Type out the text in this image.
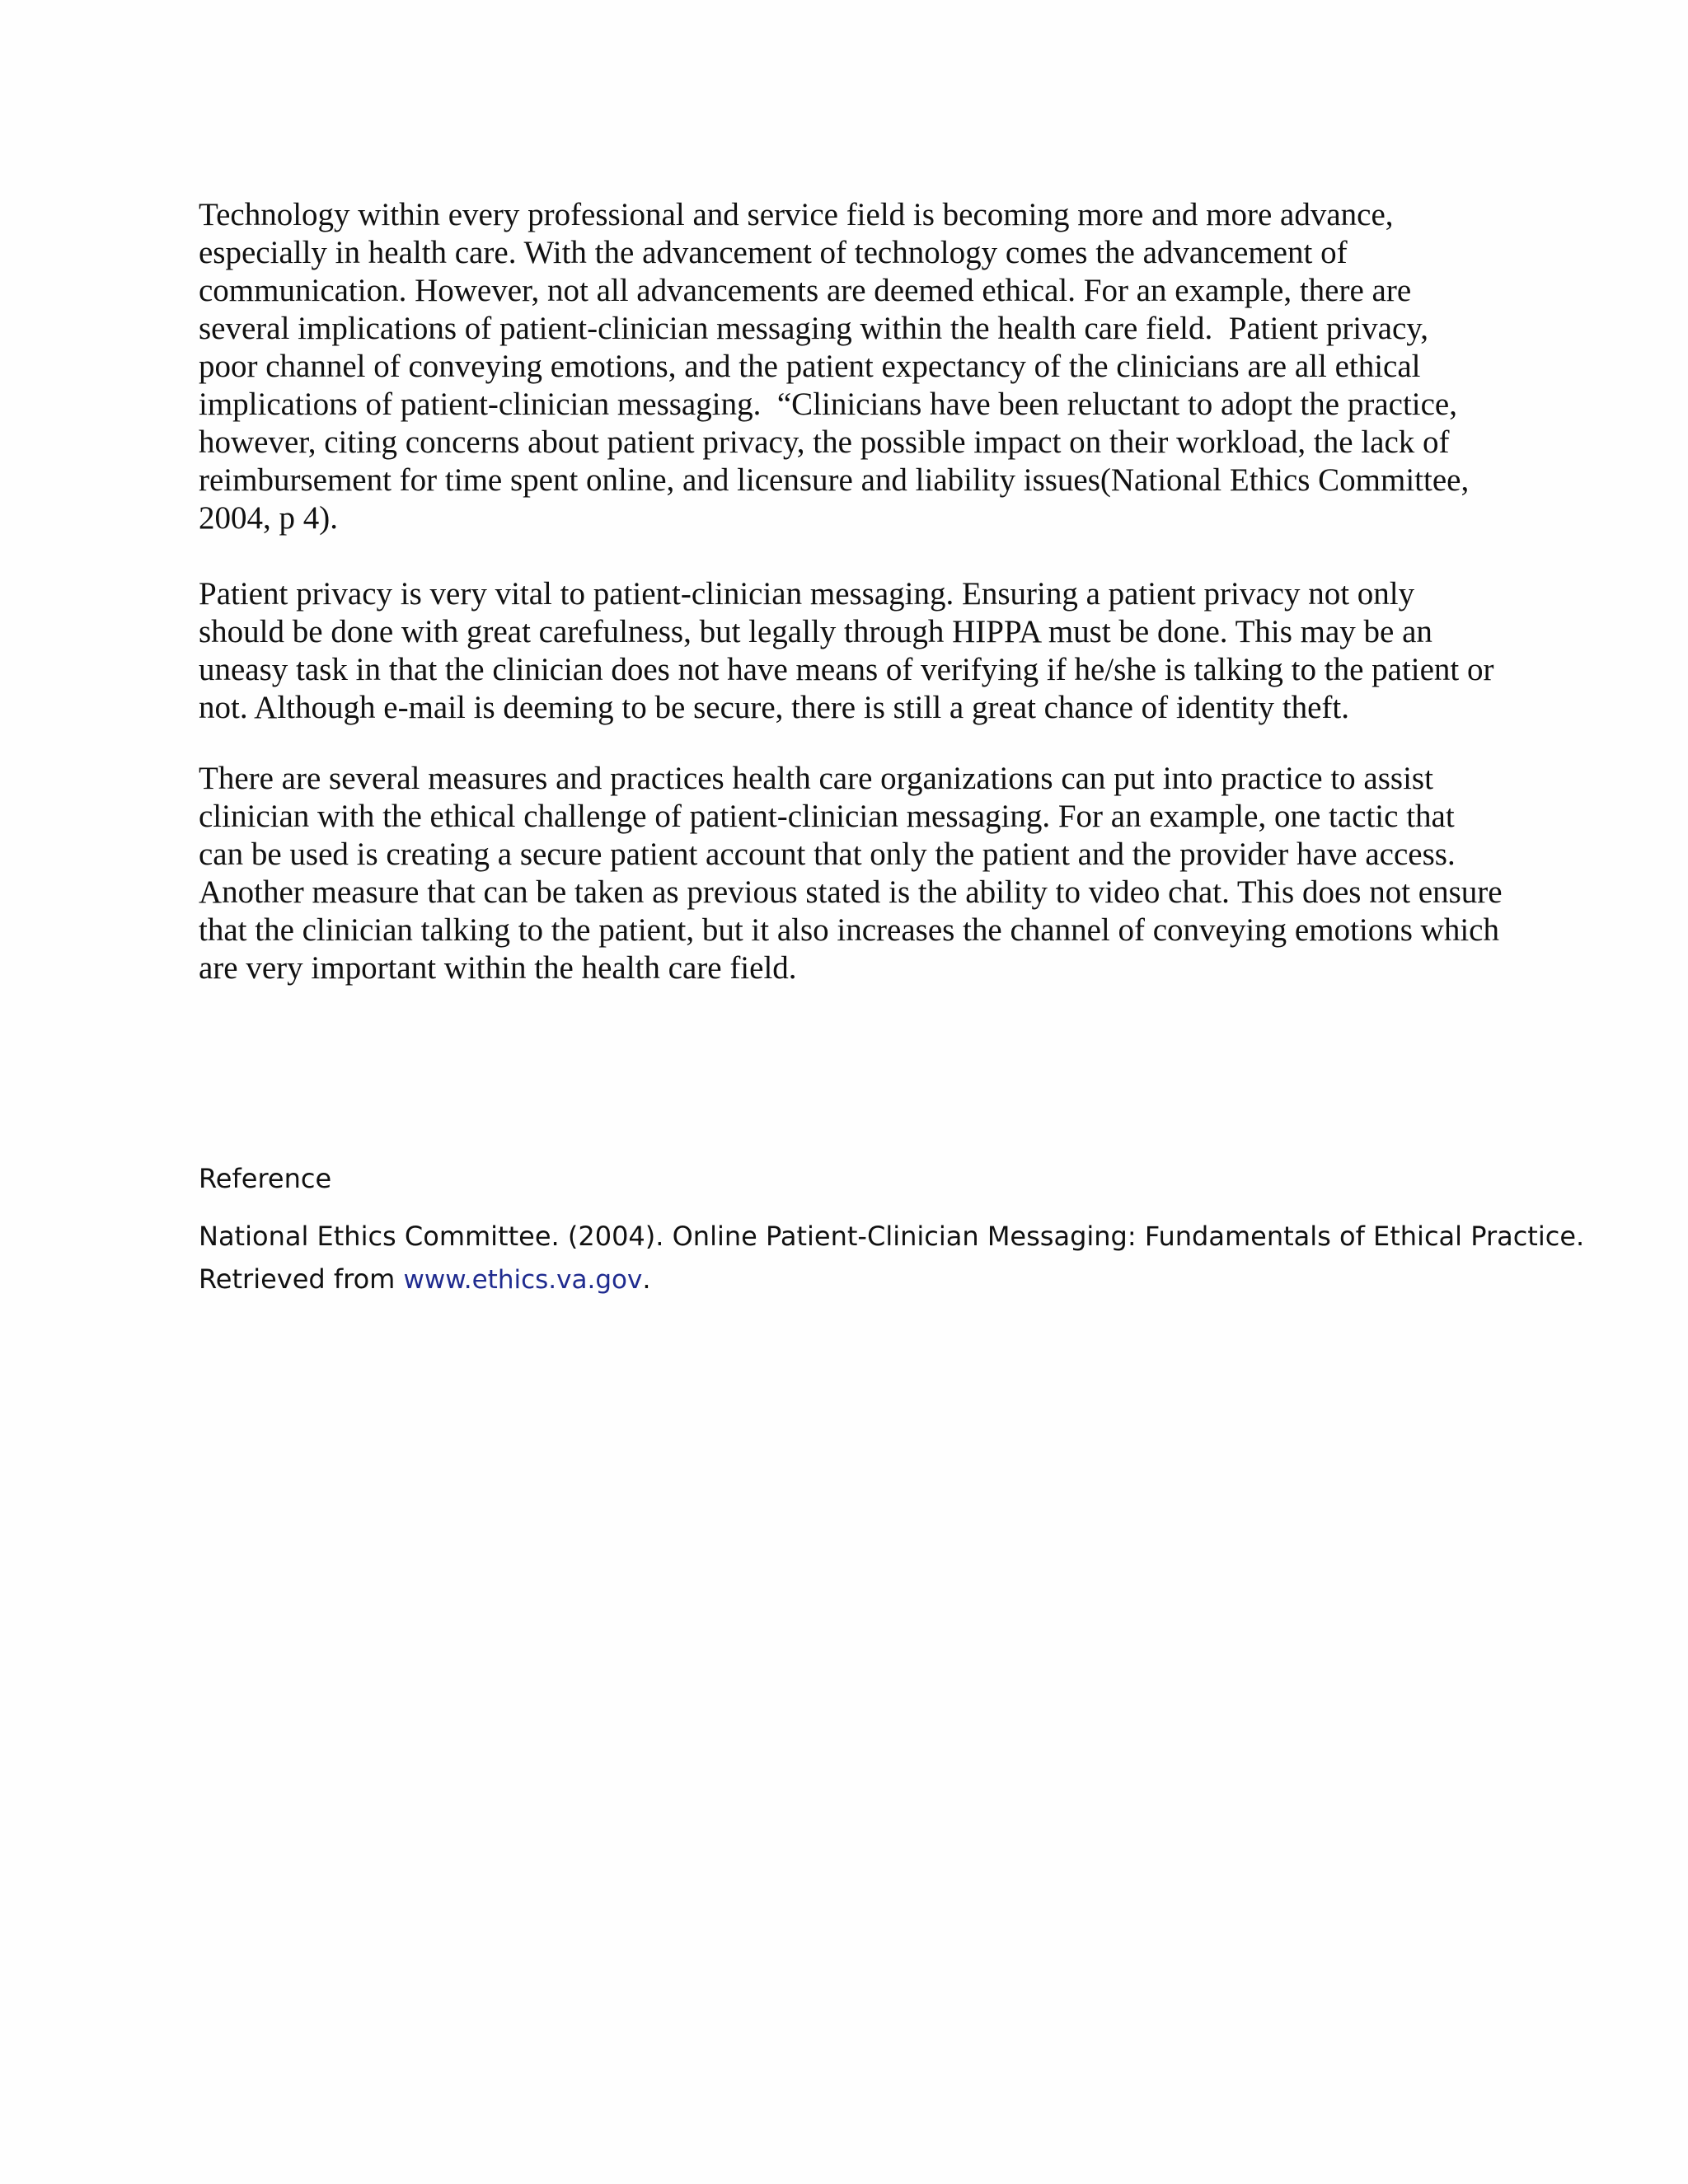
Technology within every professional and service field is becoming more and more advance,
especially in health care. With the advancement of technology comes the advancement of
communication. However, not all advancements are deemed ethical. For an example, there are
several implications of patient-clinician messaging within the health care field.  Patient privacy,
poor channel of conveying emotions, and the patient expectancy of the clinicians are all ethical
implications of patient-clinician messaging.  “Clinicians have been reluctant to adopt the practice,
however, citing concerns about patient privacy, the possible impact on their workload, the lack of
reimbursement for time spent online, and licensure and liability issues(National Ethics Committee,
2004, p 4).

Patient privacy is very vital to patient-clinician messaging. Ensuring a patient privacy not only
should be done with great carefulness, but legally through HIPPA must be done. This may be an
uneasy task in that the clinician does not have means of verifying if he/she is talking to the patient or
not. Although e-mail is deeming to be secure, there is still a great chance of identity theft.

There are several measures and practices health care organizations can put into practice to assist
clinician with the ethical challenge of patient-clinician messaging. For an example, one tactic that
can be used is creating a secure patient account that only the patient and the provider have access.
Another measure that can be taken as previous stated is the ability to video chat. This does not ensure
that the clinician talking to the patient, but it also increases the channel of conveying emotions which
are very important within the health care field.

Reference
National Ethics Committee. (2004). Online Patient-Clinician Messaging: Fundamentals of Ethical Practice.
Retrieved from www.ethics.va.gov.
